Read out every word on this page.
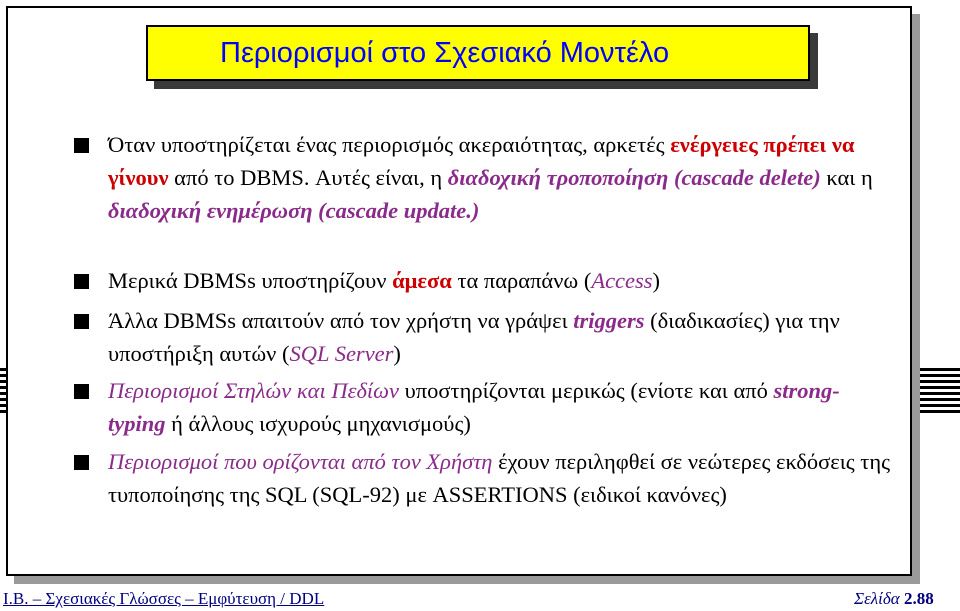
Περιορισμοί στο Σχεσιακό Μοντέλο
Όταν υποστηρίζεται ένας περιορισμός ακεραιότητας, αρκετές ενέργειες πρέπει να γίνουν από το DBMS. Αυτές είναι, η διαδοχική τροποποίηση (cascade delete) και η διαδοχική ενημέρωση (cascade update.)
Μερικά DBMSs υποστηρίζουν άμεσα τα παραπάνω (Access)
Άλλα DBMSs απαιτούν από τον χρήστη να γράψει triggers (διαδικασίες) για την υποστήριξη αυτών (SQL Server)
Περιορισμοί Στηλών και Πεδίων υποστηρίζονται μερικώς (ενίοτε και από strong-typing ή άλλους ισχυρούς μηχανισμούς)
Περιορισμοί που ορίζονται από τον Χρήστη έχουν περιληφθεί σε νεώτερες εκδόσεις της τυποποίησης της SQL (SQL-92) με ASSERTIONS (ειδικοί κανόνες)
Ι.Β. – Σχεσιακές Γλώσσες – Εμφύτευση / DDL	Σελίδα 2.88
